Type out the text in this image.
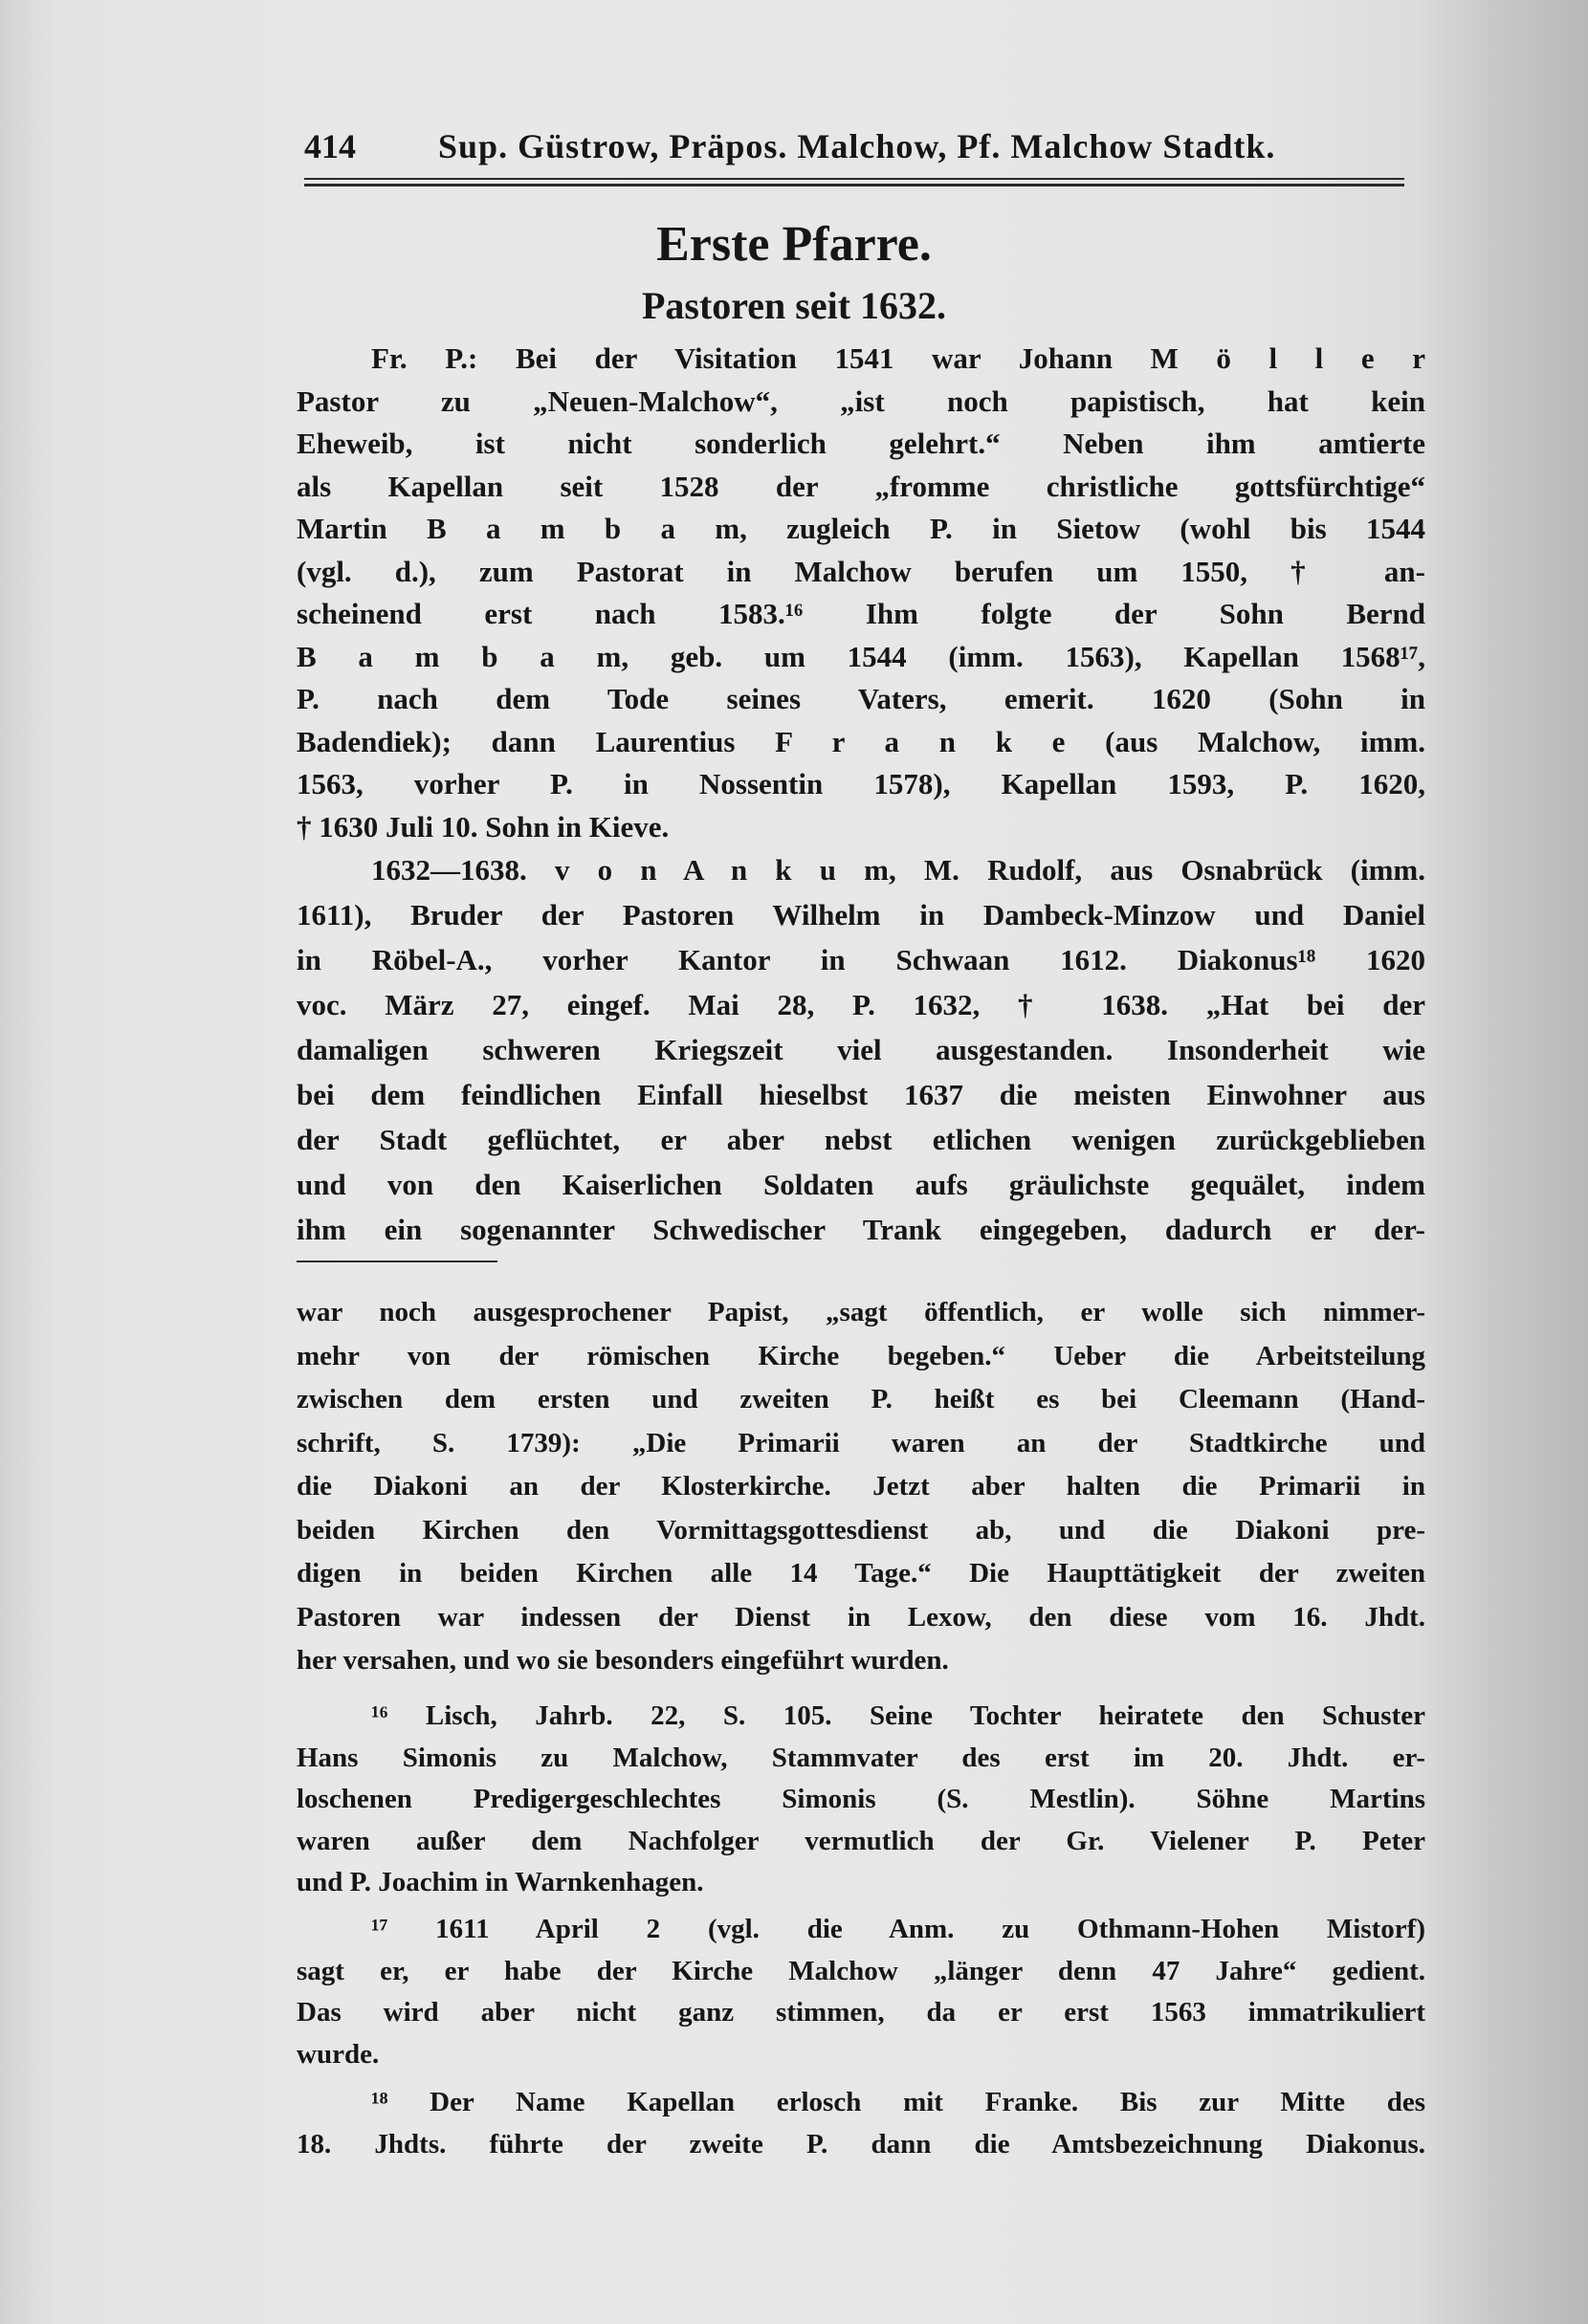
414 Sup. Güstrow, Präpos. Malchow, Pf. Malchow Stadtk.
Erste Pfarre.
Pastoren seit 1632.
Fr. P.: Bei der Visitation 1541 war Johann M ö l l e r
Pastor zu „Neuen-Malchow“, „ist noch papistisch, hat kein
Eheweib, ist nicht sonderlich gelehrt.“ Neben ihm amtierte
als Kapellan seit 1528 der „fromme christliche gottsfürchtige“
Martin B a m b a m, zugleich P. in Sietow (wohl bis 1544
(vgl. d.), zum Pastorat in Malchow berufen um 1550, † an-
scheinend erst nach 1583.¹⁶ Ihm folgte der Sohn Bernd
B a m b a m, geb. um 1544 (imm. 1563), Kapellan 1568¹⁷,
P. nach dem Tode seines Vaters, emerit. 1620 (Sohn in
Badendiek); dann Laurentius F r a n k e (aus Malchow, imm.
1563, vorher P. in Nossentin 1578), Kapellan 1593, P. 1620,
† 1630 Juli 10. Sohn in Kieve.
1632—1638. v o n A n k u m, M. Rudolf, aus Osnabrück (imm.
1611), Bruder der Pastoren Wilhelm in Dambeck-Minzow und Daniel
in Röbel-A., vorher Kantor in Schwaan 1612. Diakonus¹⁸ 1620
voc. März 27, eingef. Mai 28, P. 1632, † 1638. „Hat bei der
damaligen schweren Kriegszeit viel ausgestanden. Insonderheit wie
bei dem feindlichen Einfall hieselbst 1637 die meisten Einwohner aus
der Stadt geflüchtet, er aber nebst etlichen wenigen zurückgeblieben
und von den Kaiserlichen Soldaten aufs gräulichste gequälet, indem
ihm ein sogenannter Schwedischer Trank eingegeben, dadurch er der-
war noch ausgesprochener Papist, „sagt öffentlich, er wolle sich nimmer-
mehr von der römischen Kirche begeben.“ Ueber die Arbeitsteilung
zwischen dem ersten und zweiten P. heißt es bei Cleemann (Hand-
schrift, S. 1739): „Die Primarii waren an der Stadtkirche und
die Diakoni an der Klosterkirche. Jetzt aber halten die Primarii in
beiden Kirchen den Vormittagsgottesdienst ab, und die Diakoni pre-
digen in beiden Kirchen alle 14 Tage.“ Die Haupttätigkeit der zweiten
Pastoren war indessen der Dienst in Lexow, den diese vom 16. Jhdt.
her versahen, und wo sie besonders eingeführt wurden.
¹⁶ Lisch, Jahrb. 22, S. 105. Seine Tochter heiratete den Schuster
Hans Simonis zu Malchow, Stammvater des erst im 20. Jhdt. er-
loschenen Predigergeschlechtes Simonis (S. Mestlin). Söhne Martins
waren außer dem Nachfolger vermutlich der Gr. Vielener P. Peter
und P. Joachim in Warnkenhagen.
¹⁷ 1611 April 2 (vgl. die Anm. zu Othmann-Hohen Mistorf)
sagt er, er habe der Kirche Malchow „länger denn 47 Jahre“ gedient.
Das wird aber nicht ganz stimmen, da er erst 1563 immatrikuliert
wurde.
¹⁸ Der Name Kapellan erlosch mit Franke. Bis zur Mitte des
18. Jhdts. führte der zweite P. dann die Amtsbezeichnung Diakonus.
